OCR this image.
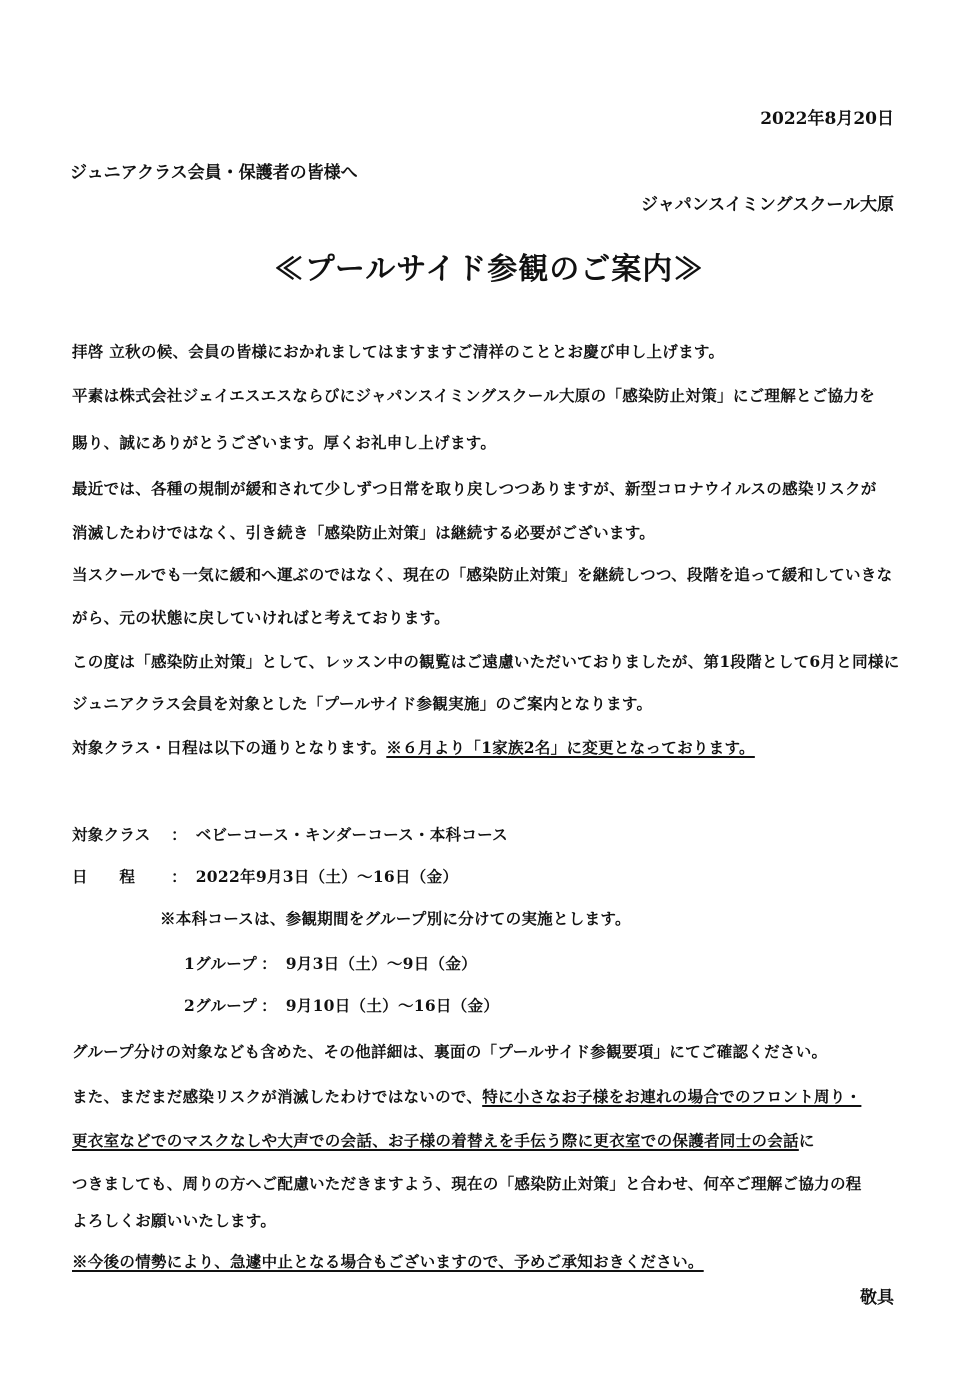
2022年8月20日
ジュニアクラス会員・保護者の皆様へ
ジャパンスイミングスクール大原
≪プールサイド参観のご案内≫
拝啓 立秋の候、会員の皆様におかれましてはますますご清祥のこととお慶び申し上げます。
平素は株式会社ジェイエスエスならびにジャパンスイミングスクール大原の「感染防止対策」にご理解とご協力を
賜り、誠にありがとうございます。厚くお礼申し上げます。
最近では、各種の規制が緩和されて少しずつ日常を取り戻しつつありますが、新型コロナウイルスの感染リスクが
消滅したわけではなく、引き続き「感染防止対策」は継続する必要がございます。
当スクールでも一気に緩和へ運ぶのではなく、現在の「感染防止対策」を継続しつつ、段階を追って緩和していきな
がら、元の状態に戻していければと考えております。
この度は「感染防止対策」として、レッスン中の観覧はご遠慮いただいておりましたが、第1段階として6月と同様に
ジュニアクラス会員を対象とした「プールサイド参観実施」のご案内となります。
対象クラス・日程は以下の通りとなります。※６月より「1家族2名」に変更となっております。
対象クラス ： ベビーコース・キンダーコース・本科コース
日　　程 ： 2022年9月3日（土）～16日（金）
※本科コースは、参観期間をグループ別に分けての実施とします。
1グループ ： 9月3日（土）～9日（金）
2グループ ： 9月10日（土）～16日（金）
グループ分けの対象なども含めた、その他詳細は、裏面の「プールサイド参観要項」にてご確認ください。
また、まだまだ感染リスクが消滅したわけではないので、特に小さなお子様をお連れの場合でのフロント周り・
更衣室などでのマスクなしや大声での会話、お子様の着替えを手伝う際に更衣室での保護者同士の会話に
つきましても、周りの方へご配慮いただきますよう、現在の「感染防止対策」と合わせ、何卒ご理解ご協力の程
よろしくお願いいたします。
※今後の情勢により、急遽中止となる場合もございますので、予めご承知おきください。
敬具
